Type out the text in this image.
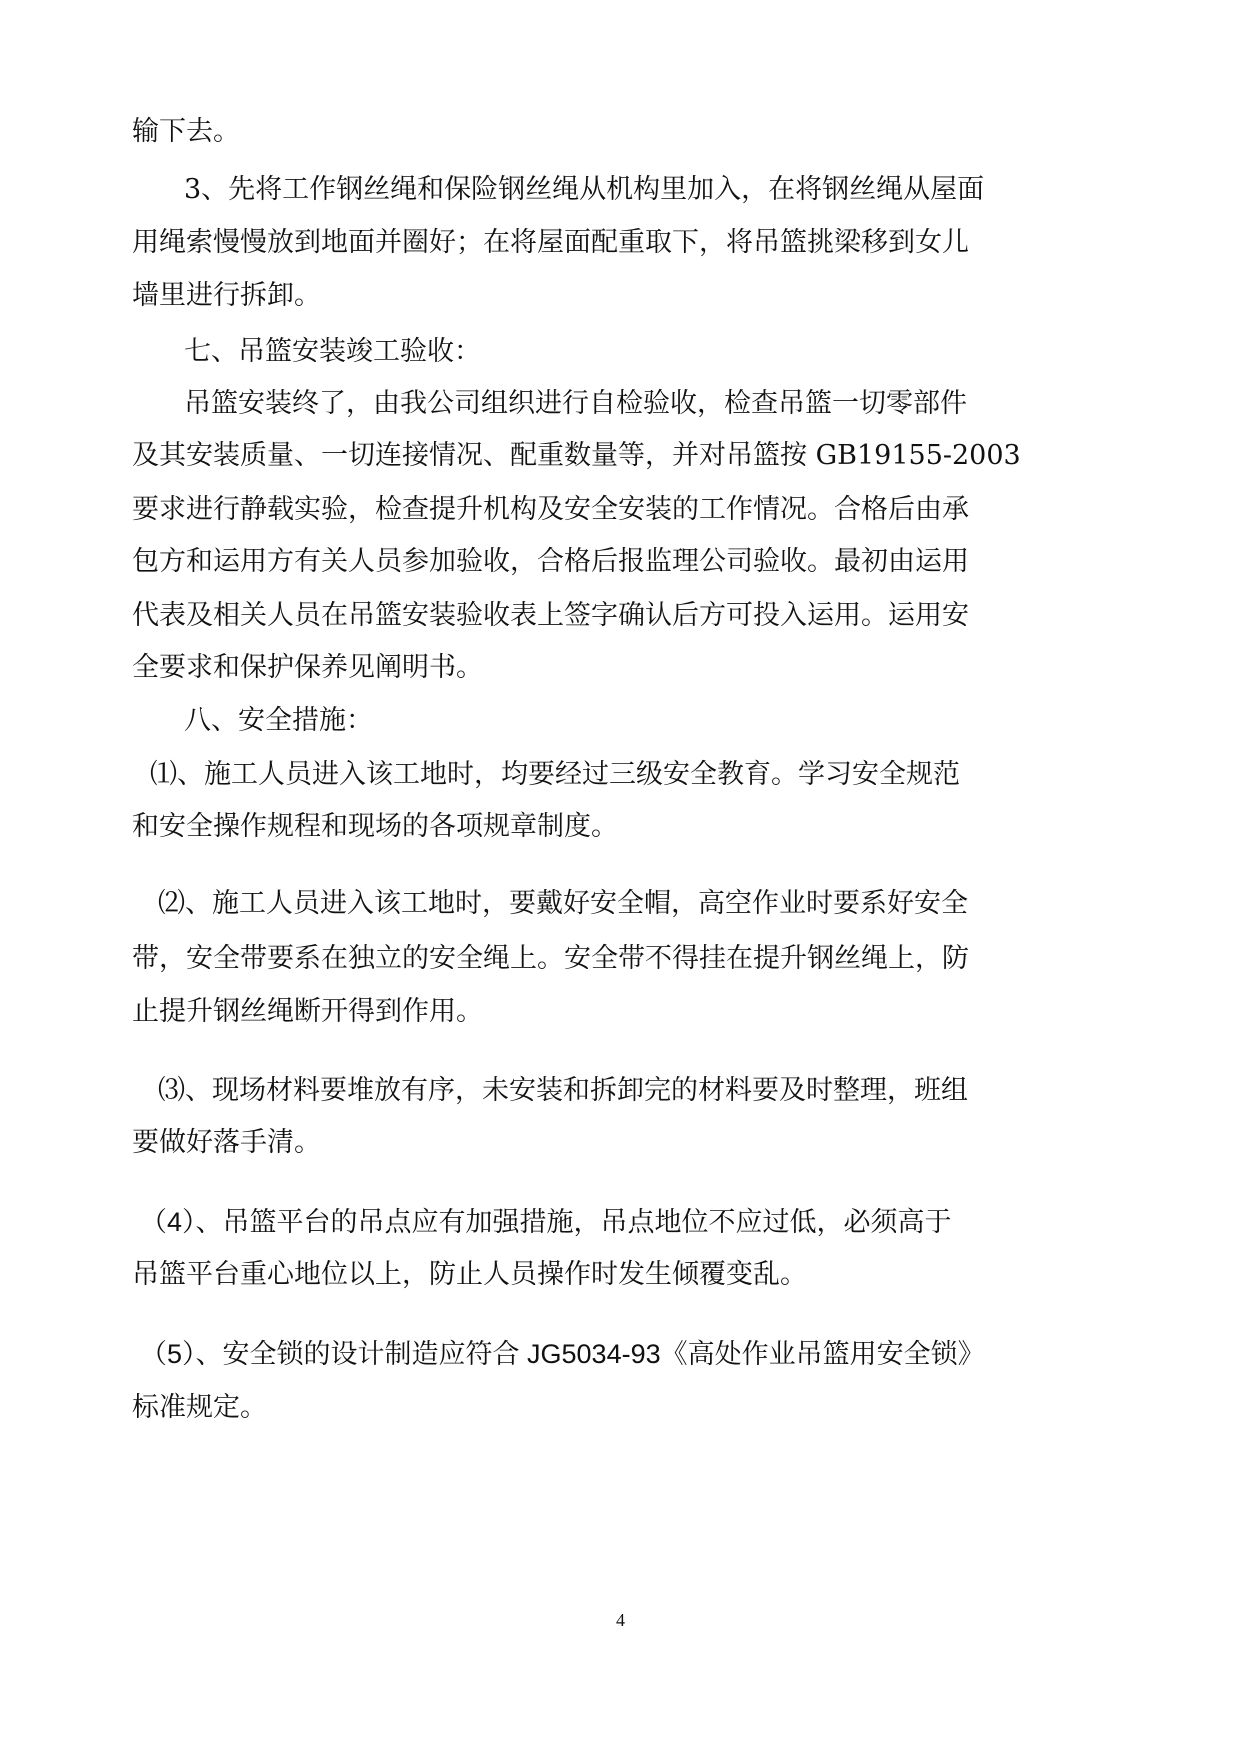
输下去。

3、先将工作钢丝绳和保险钢丝绳从机构里加入，在将钢丝绳从屋面

用绳索慢慢放到地面并圈好；在将屋面配重取下，将吊篮挑梁移到女儿

墙里进行拆卸。

七、吊篮安装竣工验收：

吊篮安装终了，由我公司组织进行自检验收，检查吊篮一切零部件

及其安装质量、一切连接情况、配重数量等，并对吊篮按 GB19155-2003

要求进行静载实验，检查提升机构及安全安装的工作情况。合格后由承

包方和运用方有关人员参加验收，合格后报监理公司验收。最初由运用

代表及相关人员在吊篮安装验收表上签字确认后方可投入运用。运用安

全要求和保护保养见阐明书。

八、安全措施：

⑴、施工人员进入该工地时，均要经过三级安全教育。学习安全规范

和安全操作规程和现场的各项规章制度。

⑵、施工人员进入该工地时，要戴好安全帽，高空作业时要系好安全

带，安全带要系在独立的安全绳上。安全带不得挂在提升钢丝绳上，防

止提升钢丝绳断开得到作用。

⑶、现场材料要堆放有序，未安装和拆卸完的材料要及时整理，班组

要做好落手清。

（4）、吊篮平台的吊点应有加强措施，吊点地位不应过低，必须高于

吊篮平台重心地位以上，防止人员操作时发生倾覆变乱。

（5）、安全锁的设计制造应符合 JG5034-93《高处作业吊篮用安全锁》

标准规定。

4
